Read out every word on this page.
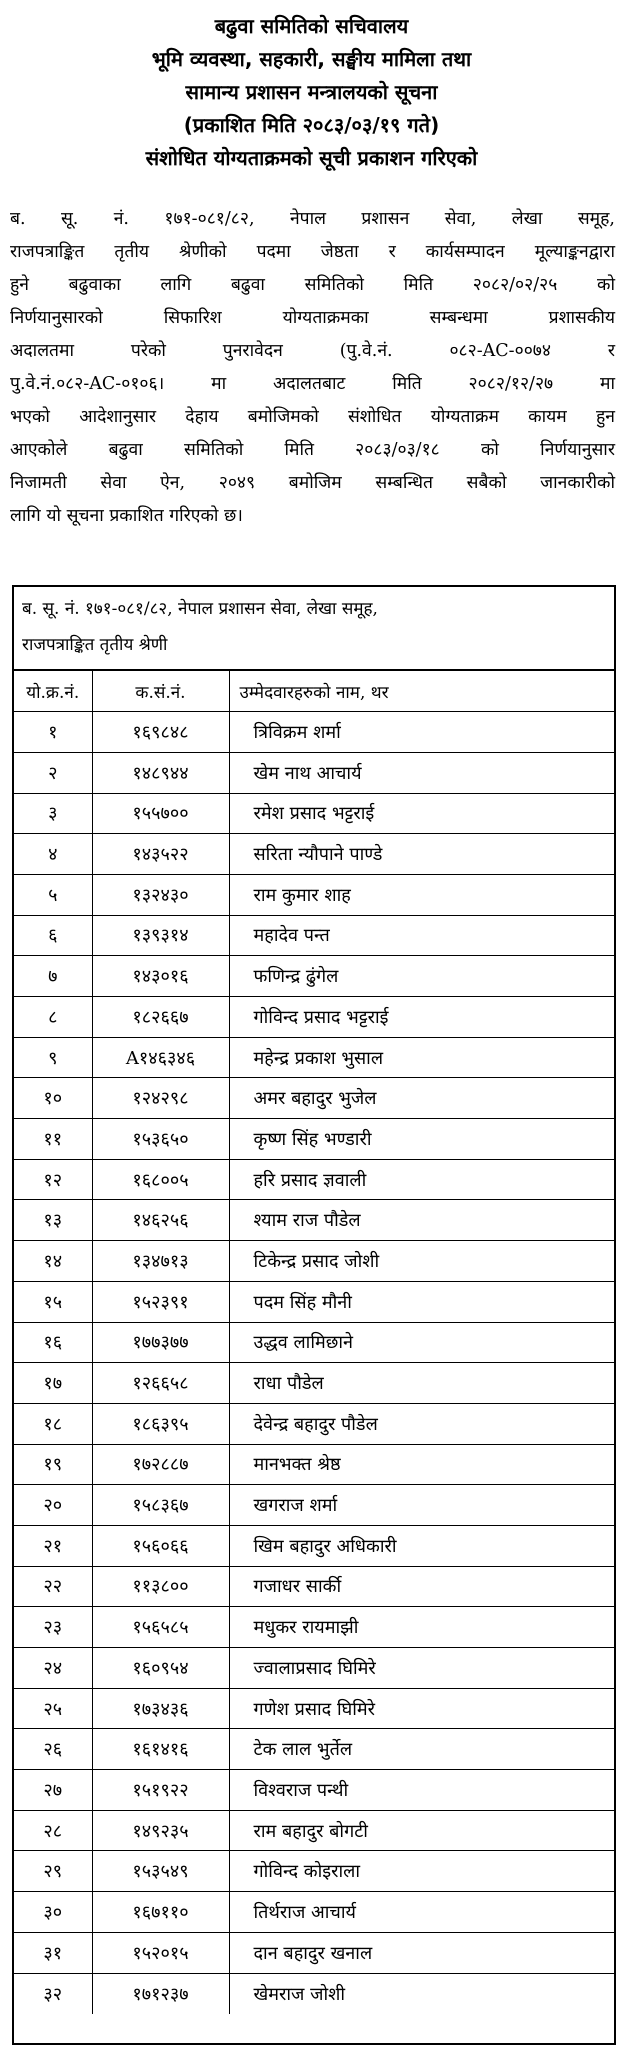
बढुवा समितिको सचिवालय
भूमि व्यवस्था, सहकारी, सङ्घीय मामिला तथा
सामान्य प्रशासन मन्त्रालयको सूचना
(प्रकाशित मिति २०८३/०३/१९ गते)
संशोधित योग्यताक्रमको सूची प्रकाशन गरिएको
ब. सू. नं. १७१-०८१/८२, नेपाल प्रशासन सेवा, लेखा समूह,
राजपत्राङ्कित तृतीय श्रेणीको पदमा जेष्ठता र कार्यसम्पादन मूल्याङ्कनद्वारा
हुने बढुवाका लागि बढुवा समितिको मिति २०८२/०२/२५ को
निर्णयानुसारको सिफारिश योग्यताक्रमका सम्बन्धमा प्रशासकीय
अदालतमा परेको पुनरावेदन (पु.वे.नं. ०८२-AC-००७४ र
पु.वे.नं.०८२-AC-०१०६। मा अदालतबाट मिति २०८२/१२/२७ मा
भएको आदेशानुसार देहाय बमोजिमको संशोधित योग्यताक्रम कायम हुन
आएकोले बढुवा समितिको मिति २०८३/०३/१८ को निर्णयानुसार
निजामती सेवा ऐन, २०४९ बमोजिम सम्बन्धित सबैको जानकारीको
लागि यो सूचना प्रकाशित गरिएको छ।
ब. सू. नं. १७१-०८१/८२, नेपाल प्रशासन सेवा, लेखा समूह,
राजपत्राङ्कित तृतीय श्रेणी
यो.क्र.नं.	क.सं.नं.	उम्मेदवारहरुको नाम, थर
१	१६९८४८	त्रिविक्रम शर्मा
२	१४८९४४	खेम नाथ आचार्य
३	१५५७००	रमेश प्रसाद भट्टराई
४	१४३५२२	सरिता न्यौपाने पाण्डे
५	१३२४३०	राम कुमार शाह
६	१३९३१४	महादेव पन्त
७	१४३०१६	फणिन्द्र ढुंगेल
८	१८२६६७	गोविन्द प्रसाद भट्टराई
९	A१४६३४६	महेन्द्र प्रकाश भुसाल
१०	१२४२९८	अमर बहादुर भुजेल
११	१५३६५०	कृष्ण सिंह भण्डारी
१२	१६८००५	हरि प्रसाद ज्ञवाली
१३	१४६२५६	श्याम राज पौडेल
१४	१३४७१३	टिकेन्द्र प्रसाद जोशी
१५	१५२३९१	पदम सिंह मौनी
१६	१७७३७७	उद्धव लामिछाने
१७	१२६६५८	राधा पौडेल
१८	१८६३९५	देवेन्द्र बहादुर पौडेल
१९	१७२८८७	मानभक्त श्रेष्ठ
२०	१५८३६७	खगराज शर्मा
२१	१५६०६६	खिम बहादुर अधिकारी
२२	११३८००	गजाधर सार्की
२३	१५६५८५	मधुकर रायमाझी
२४	१६०९५४	ज्वालाप्रसाद घिमिरे
२५	१७३४३६	गणेश प्रसाद घिमिरे
२६	१६१४१६	टेक लाल भुर्तेल
२७	१५१९२२	विश्वराज पन्थी
२८	१४९२३५	राम बहादुर बोगटी
२९	१५३५४९	गोविन्द कोइराला
३०	१६७११०	तिर्थराज आचार्य
३१	१५२०१५	दान बहादुर खनाल
३२	१७१२३७	खेमराज जोशी
